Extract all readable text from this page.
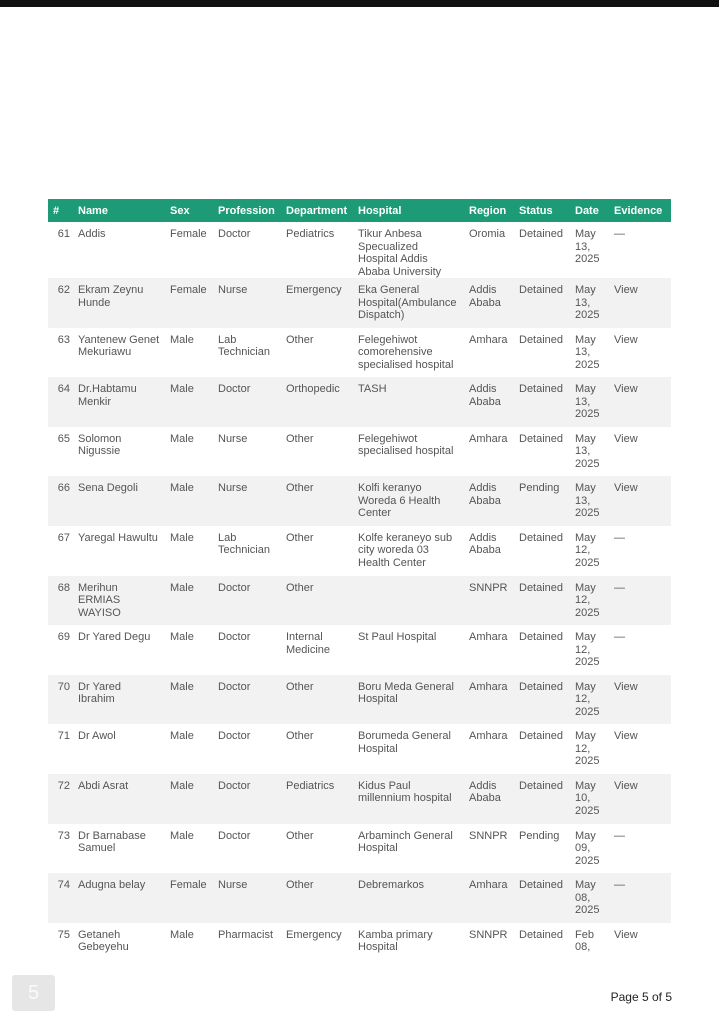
#	Name	Sex	Profession	Department	Hospital	Region	Status	Date	Evidence
61	Addis	Female	Doctor	Pediatrics	Tikur Anbesa Specualized Hospital Addis Ababa University	Oromia	Detained	May 13, 2025	—
62	Ekram Zeynu Hunde	Female	Nurse	Emergency	Eka General Hospital(Ambulance Dispatch)	Addis Ababa	Detained	May 13, 2025	View
63	Yantenew Genet Mekuriawu	Male	Lab Technician	Other	Felegehiwot comorehensive specialised hospital	Amhara	Detained	May 13, 2025	View
64	Dr.Habtamu Menkir	Male	Doctor	Orthopedic	TASH	Addis Ababa	Detained	May 13, 2025	View
65	Solomon Nigussie	Male	Nurse	Other	Felegehiwot specialised hospital	Amhara	Detained	May 13, 2025	View
66	Sena Degoli	Male	Nurse	Other	Kolfi keranyo Woreda 6 Health Center	Addis Ababa	Pending	May 13, 2025	View
67	Yaregal Hawultu	Male	Lab Technician	Other	Kolfe keraneyo sub city woreda 03 Health Center	Addis Ababa	Detained	May 12, 2025	—
68	Merihun ERMIAS WAYISO	Male	Doctor	Other		SNNPR	Detained	May 12, 2025	—
69	Dr Yared Degu	Male	Doctor	Internal Medicine	St Paul Hospital	Amhara	Detained	May 12, 2025	—
70	Dr Yared Ibrahim	Male	Doctor	Other	Boru Meda General Hospital	Amhara	Detained	May 12, 2025	View
71	Dr Awol	Male	Doctor	Other	Borumeda General Hospital	Amhara	Detained	May 12, 2025	View
72	Abdi Asrat	Male	Doctor	Pediatrics	Kidus Paul millennium hospital	Addis Ababa	Detained	May 10, 2025	View
73	Dr Barnabase Samuel	Male	Doctor	Other	Arbaminch General Hospital	SNNPR	Pending	May 09, 2025	—
74	Adugna belay	Female	Nurse	Other	Debremarkos	Amhara	Detained	May 08, 2025	—
75	Getaneh Gebeyehu	Male	Pharmacist	Emergency	Kamba primary Hospital	SNNPR	Detained	Feb 08,	View
5	Page 5 of 5
